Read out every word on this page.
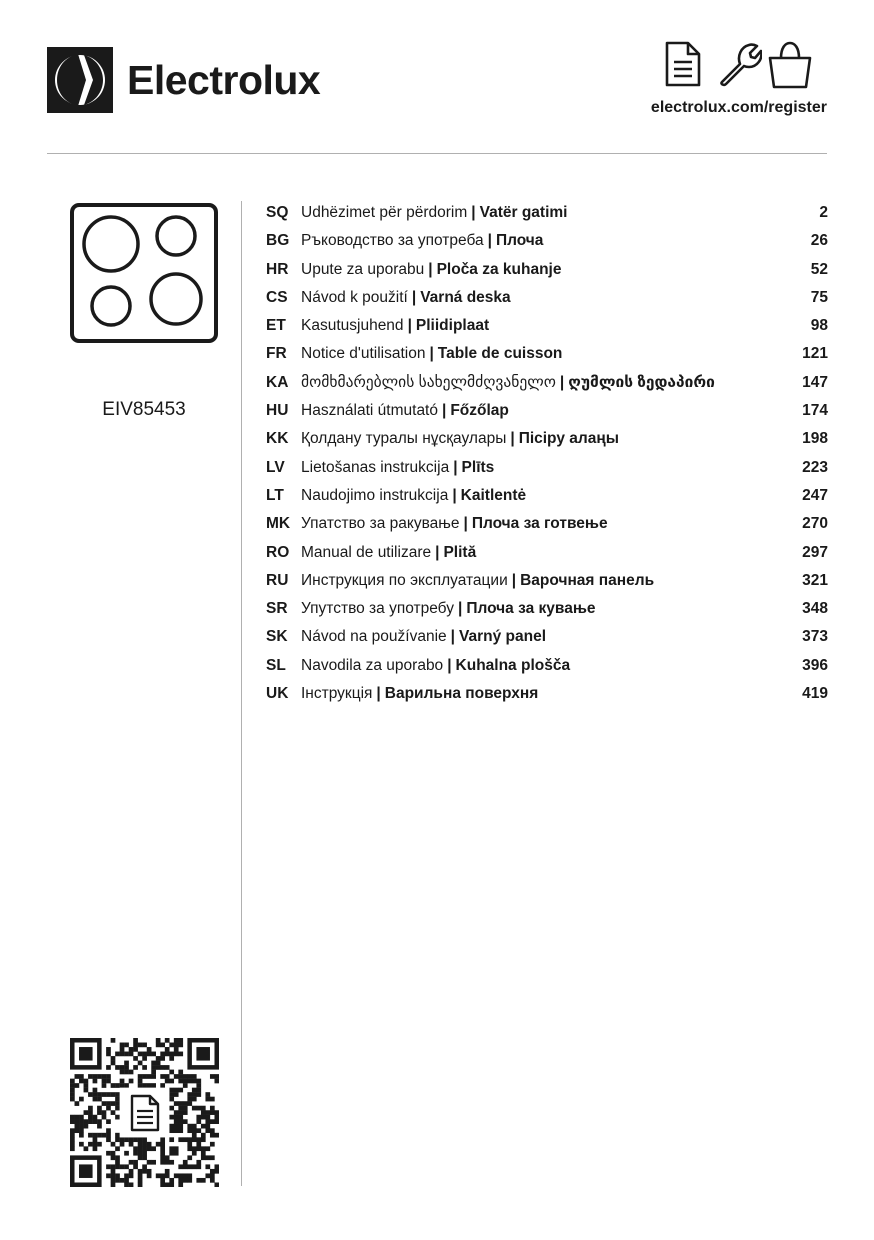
Electrolux
electrolux.com/register
EIV85453
SQ Udhëzimet për përdorim | Vatër gatimi	2
BG Ръководство за употреба | Плоча	26
HR Upute za uporabu | Ploča za kuhanje	52
CS Návod k použití | Varná deska	75
ET Kasutusjuhend | Pliidiplaat	98
FR Notice d'utilisation | Table de cuisson	121
KA მომხმარებლის სახელმძღვანელო | ღუმლის ზედაპირი	147
HU Használati útmutató | Főzőlap	174
KK Қолдану туралы нұсқаулары | Пісіру алаңы	198
LV Lietošanas instrukcija | Plīts	223
LT Naudojimo instrukcija | Kaitlentė	247
MK Упатство за ракување | Плоча за готвење	270
RO Manual de utilizare | Plită	297
RU Инструкция по эксплуатации | Варочная панель	321
SR Упутство за употребу | Плоча за кување	348
SK Návod na používanie | Varný panel	373
SL Navodila za uporabo | Kuhalna plošča	396
UK Інструкція | Варильна поверхня	419
